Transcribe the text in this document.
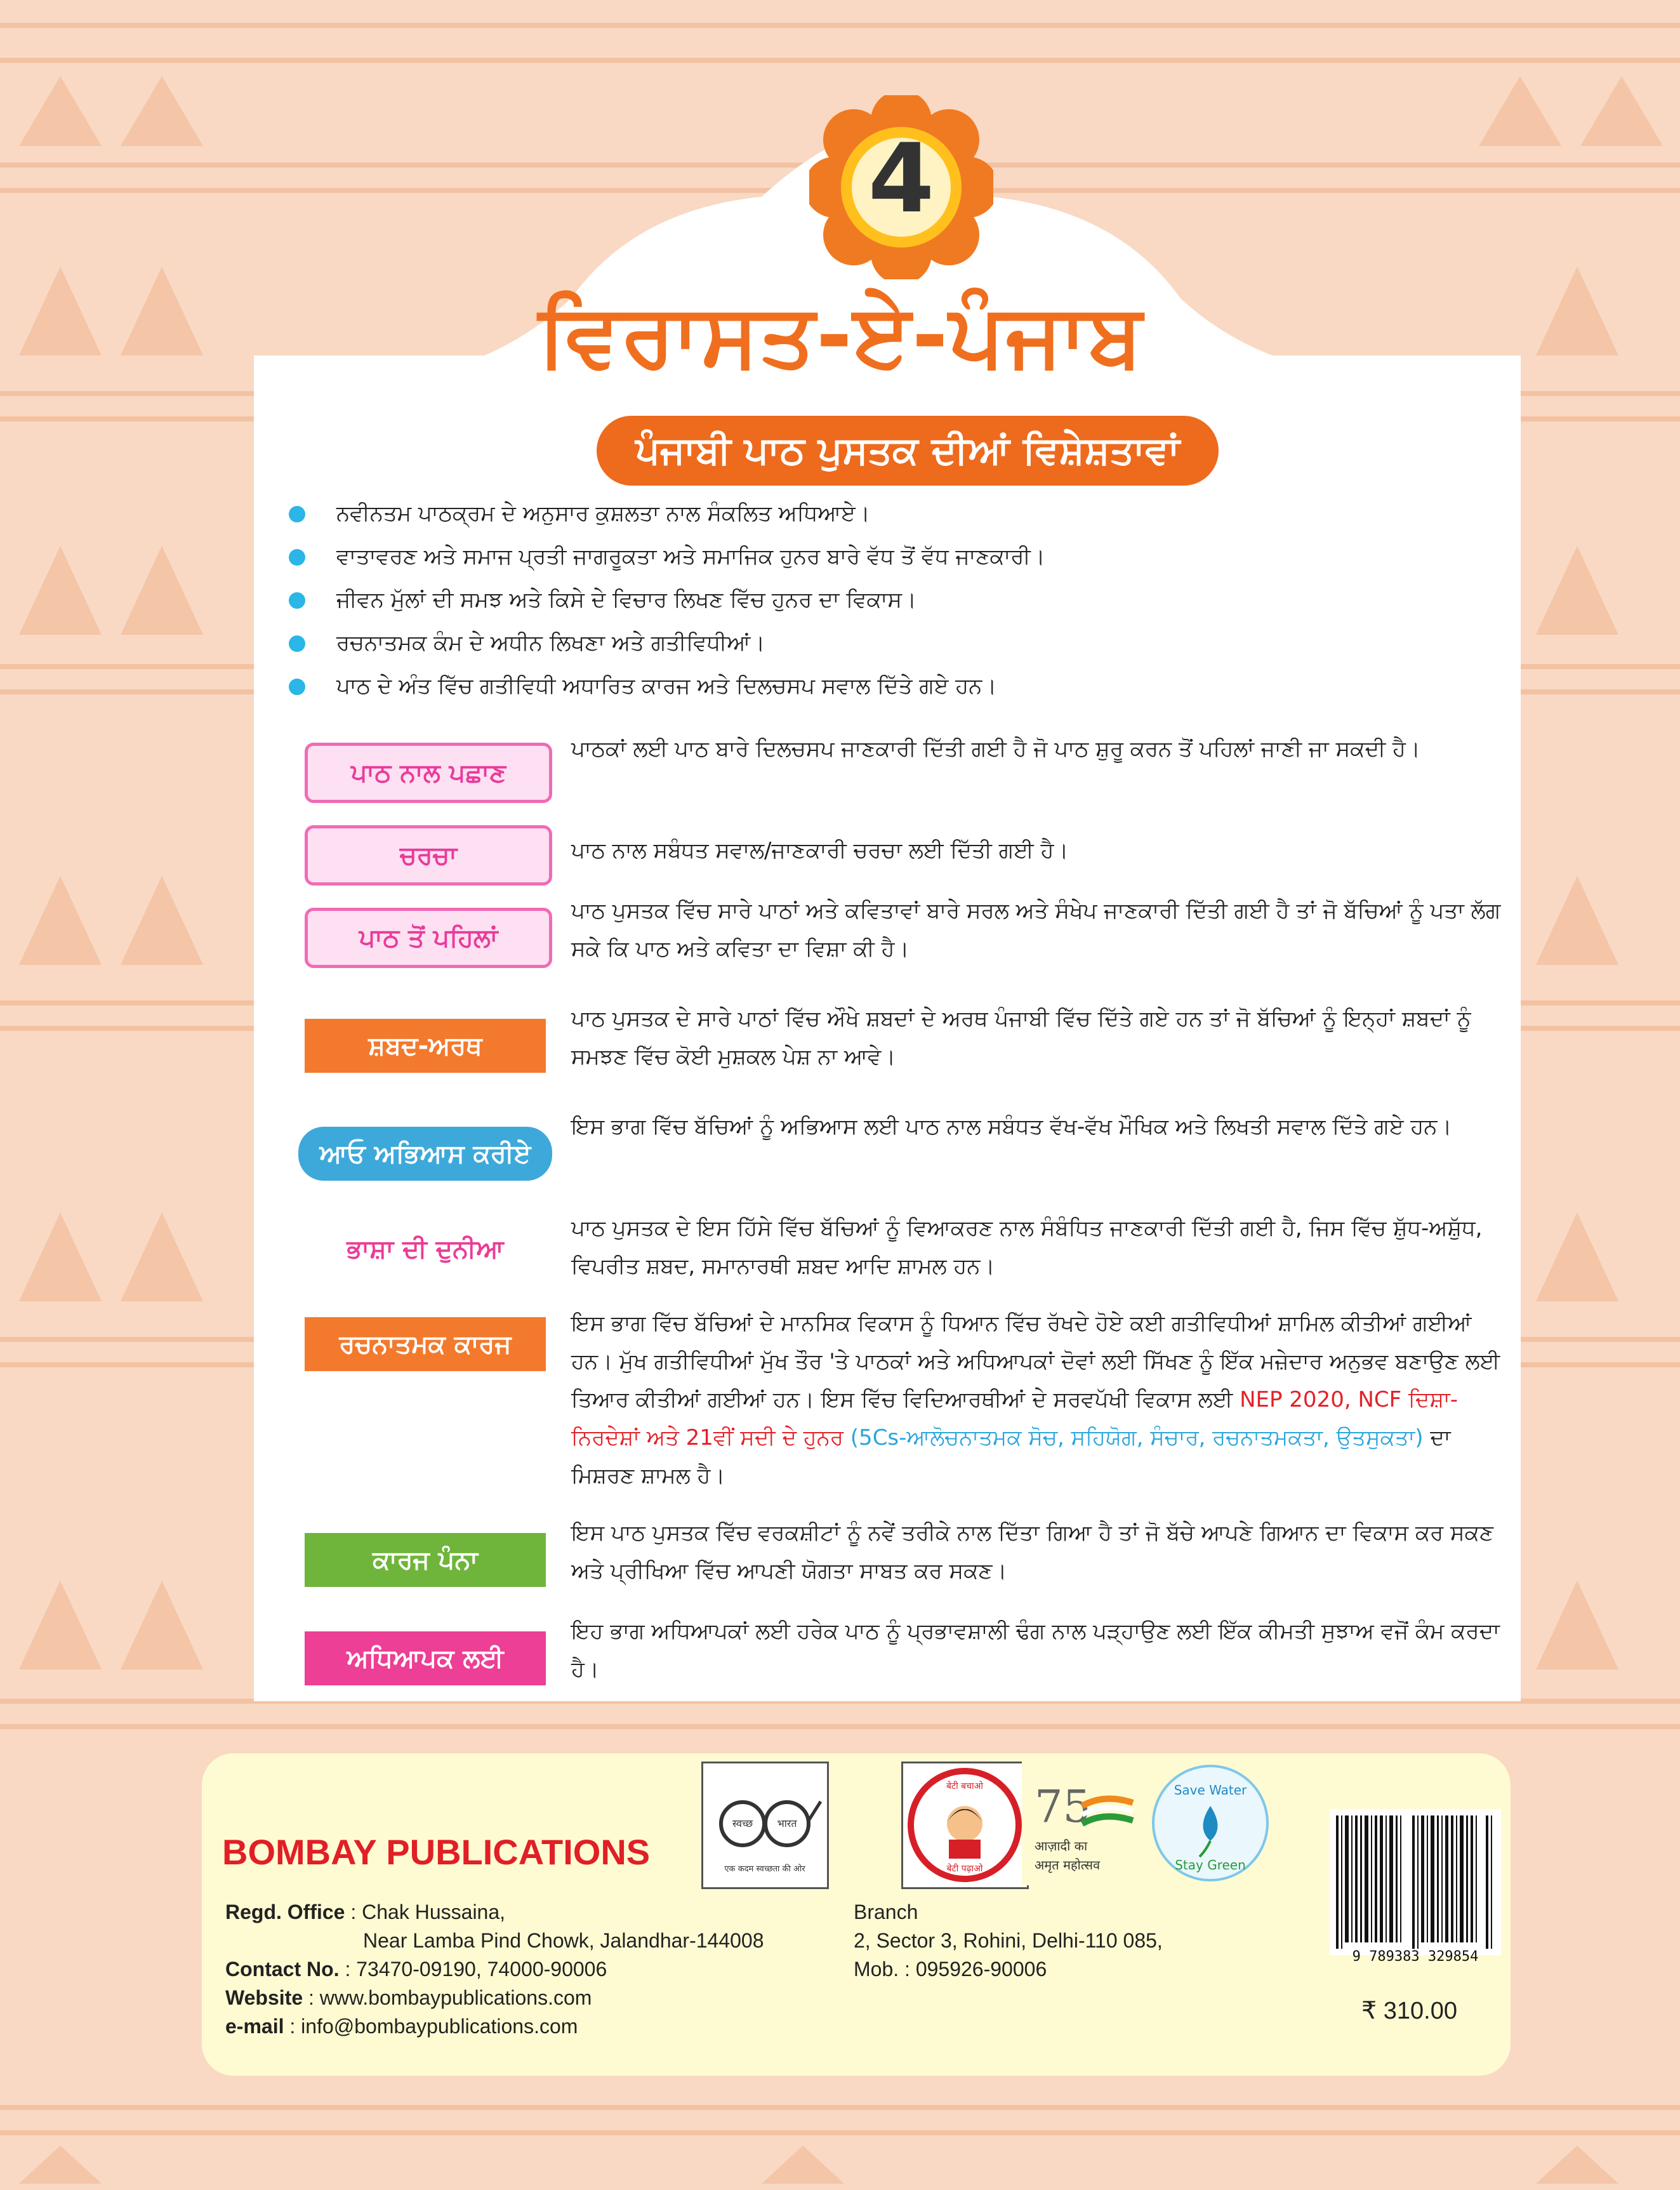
4
ਵਿਰਾਸਤ-ਏ-ਪੰਜਾਬ
ਪੰਜਾਬੀ ਪਾਠ ਪੁਸਤਕ ਦੀਆਂ ਵਿਸ਼ੇਸ਼ਤਾਵਾਂ
ਨਵੀਨਤਮ ਪਾਠਕ੍ਰਮ ਦੇ ਅਨੁਸਾਰ ਕੁਸ਼ਲਤਾ ਨਾਲ ਸੰਕਲਿਤ ਅਧਿਆਏ।
ਵਾਤਾਵਰਣ ਅਤੇ ਸਮਾਜ ਪ੍ਰਤੀ ਜਾਗਰੂਕਤਾ ਅਤੇ ਸਮਾਜਿਕ ਹੁਨਰ ਬਾਰੇ ਵੱਧ ਤੋਂ ਵੱਧ ਜਾਣਕਾਰੀ।
ਜੀਵਨ ਮੁੱਲਾਂ ਦੀ ਸਮਝ ਅਤੇ ਕਿਸੇ ਦੇ ਵਿਚਾਰ ਲਿਖਣ ਵਿੱਚ ਹੁਨਰ ਦਾ ਵਿਕਾਸ।
ਰਚਨਾਤਮਕ ਕੰਮ ਦੇ ਅਧੀਨ ਲਿਖਣਾ ਅਤੇ ਗਤੀਵਿਧੀਆਂ।
ਪਾਠ ਦੇ ਅੰਤ ਵਿੱਚ ਗਤੀਵਿਧੀ ਅਧਾਰਿਤ ਕਾਰਜ ਅਤੇ ਦਿਲਚਸਪ ਸਵਾਲ ਦਿੱਤੇ ਗਏ ਹਨ।
ਪਾਠ ਨਾਲ ਪਛਾਣ
ਪਾਠਕਾਂ ਲਈ ਪਾਠ ਬਾਰੇ ਦਿਲਚਸਪ ਜਾਣਕਾਰੀ ਦਿੱਤੀ ਗਈ ਹੈ ਜੋ ਪਾਠ ਸ਼ੁਰੂ ਕਰਨ ਤੋਂ ਪਹਿਲਾਂ ਜਾਣੀ ਜਾ ਸਕਦੀ ਹੈ।
ਚਰਚਾ	ਪਾਠ ਨਾਲ ਸਬੰਧਤ ਸਵਾਲ/ਜਾਣਕਾਰੀ ਚਰਚਾ ਲਈ ਦਿੱਤੀ ਗਈ ਹੈ।
ਪਾਠ ਤੋਂ ਪਹਿਲਾਂ
ਪਾਠ ਪੁਸਤਕ ਵਿੱਚ ਸਾਰੇ ਪਾਠਾਂ ਅਤੇ ਕਵਿਤਾਵਾਂ ਬਾਰੇ ਸਰਲ ਅਤੇ ਸੰਖੇਪ ਜਾਣਕਾਰੀ ਦਿੱਤੀ ਗਈ ਹੈ ਤਾਂ ਜੋ ਬੱਚਿਆਂ ਨੂੰ ਪਤਾ ਲੱਗ ਸਕੇ ਕਿ ਪਾਠ ਅਤੇ ਕਵਿਤਾ ਦਾ ਵਿਸ਼ਾ ਕੀ ਹੈ।
ਸ਼ਬਦ-ਅਰਥ
ਪਾਠ ਪੁਸਤਕ ਦੇ ਸਾਰੇ ਪਾਠਾਂ ਵਿੱਚ ਔਖੇ ਸ਼ਬਦਾਂ ਦੇ ਅਰਥ ਪੰਜਾਬੀ ਵਿੱਚ ਦਿੱਤੇ ਗਏ ਹਨ ਤਾਂ ਜੋ ਬੱਚਿਆਂ ਨੂੰ ਇਨ੍ਹਾਂ ਸ਼ਬਦਾਂ ਨੂੰ ਸਮਝਣ ਵਿੱਚ ਕੋਈ ਮੁਸ਼ਕਲ ਪੇਸ਼ ਨਾ ਆਵੇ।
ਆਓ ਅਭਿਆਸ ਕਰੀਏ
ਇਸ ਭਾਗ ਵਿੱਚ ਬੱਚਿਆਂ ਨੂੰ ਅਭਿਆਸ ਲਈ ਪਾਠ ਨਾਲ ਸਬੰਧਤ ਵੱਖ-ਵੱਖ ਮੌਖਿਕ ਅਤੇ ਲਿਖਤੀ ਸਵਾਲ ਦਿੱਤੇ ਗਏ ਹਨ।
ਭਾਸ਼ਾ ਦੀ ਦੁਨੀਆ
ਪਾਠ ਪੁਸਤਕ ਦੇ ਇਸ ਹਿੱਸੇ ਵਿੱਚ ਬੱਚਿਆਂ ਨੂੰ ਵਿਆਕਰਣ ਨਾਲ ਸੰਬੰਧਿਤ ਜਾਣਕਾਰੀ ਦਿੱਤੀ ਗਈ ਹੈ, ਜਿਸ ਵਿੱਚ ਸ਼ੁੱਧ-ਅਸ਼ੁੱਧ, ਵਿਪਰੀਤ ਸ਼ਬਦ, ਸਮਾਨਾਰਥੀ ਸ਼ਬਦ ਆਦਿ ਸ਼ਾਮਲ ਹਨ।
ਰਚਨਾਤਮਕ ਕਾਰਜ
ਇਸ ਭਾਗ ਵਿੱਚ ਬੱਚਿਆਂ ਦੇ ਮਾਨਸਿਕ ਵਿਕਾਸ ਨੂੰ ਧਿਆਨ ਵਿੱਚ ਰੱਖਦੇ ਹੋਏ ਕਈ ਗਤੀਵਿਧੀਆਂ ਸ਼ਾਮਿਲ ਕੀਤੀਆਂ ਗਈਆਂ ਹਨ। ਮੁੱਖ ਗਤੀਵਿਧੀਆਂ ਮੁੱਖ ਤੌਰ 'ਤੇ ਪਾਠਕਾਂ ਅਤੇ ਅਧਿਆਪਕਾਂ ਦੋਵਾਂ ਲਈ ਸਿੱਖਣ ਨੂੰ ਇੱਕ ਮਜ਼ੇਦਾਰ ਅਨੁਭਵ ਬਣਾਉਣ ਲਈ ਤਿਆਰ ਕੀਤੀਆਂ ਗਈਆਂ ਹਨ। ਇਸ ਵਿੱਚ ਵਿਦਿਆਰਥੀਆਂ ਦੇ ਸਰਵਪੱਖੀ ਵਿਕਾਸ ਲਈ NEP 2020, NCF ਦਿਸ਼ਾ-ਨਿਰਦੇਸ਼ਾਂ ਅਤੇ 21ਵੀਂ ਸਦੀ ਦੇ ਹੁਨਰ (5Cs-ਆਲੋਚਨਾਤਮਕ ਸੋਚ, ਸਹਿਯੋਗ, ਸੰਚਾਰ, ਰਚਨਾਤਮਕਤਾ, ਉਤਸੁਕਤਾ) ਦਾ ਮਿਸ਼ਰਣ ਸ਼ਾਮਲ ਹੈ।
ਕਾਰਜ ਪੰਨਾ
ਇਸ ਪਾਠ ਪੁਸਤਕ ਵਿੱਚ ਵਰਕਸ਼ੀਟਾਂ ਨੂੰ ਨਵੇਂ ਤਰੀਕੇ ਨਾਲ ਦਿੱਤਾ ਗਿਆ ਹੈ ਤਾਂ ਜੋ ਬੱਚੇ ਆਪਣੇ ਗਿਆਨ ਦਾ ਵਿਕਾਸ ਕਰ ਸਕਣ ਅਤੇ ਪ੍ਰੀਖਿਆ ਵਿੱਚ ਆਪਣੀ ਯੋਗਤਾ ਸਾਬਤ ਕਰ ਸਕਣ।
ਅਧਿਆਪਕ ਲਈ
ਇਹ ਭਾਗ ਅਧਿਆਪਕਾਂ ਲਈ ਹਰੇਕ ਪਾਠ ਨੂੰ ਪ੍ਰਭਾਵਸ਼ਾਲੀ ਢੰਗ ਨਾਲ ਪੜ੍ਹਾਉਣ ਲਈ ਇੱਕ ਕੀਮਤੀ ਸੁਝਾਅ ਵਜੋਂ ਕੰਮ ਕਰਦਾ ਹੈ।
BOMBAY PUBLICATIONS
Regd. Office : Chak Hussaina,
Near Lamba Pind Chowk, Jalandhar-144008
Contact No. : 73470-09190, 74000-90006
Website : www.bombaypublications.com
e-mail : info@bombaypublications.com
Branch
2, Sector 3, Rohini, Delhi-110 085,
Mob. : 095926-90006
स्वच्छ भारत
एक कदम स्वच्छता की ओर
बेटी बचाओ
बेटी पढ़ाओ
75
आज़ादी का
अमृत महोत्सव
Save Water
Stay Green
9 789383 329854
₹ 310.00
